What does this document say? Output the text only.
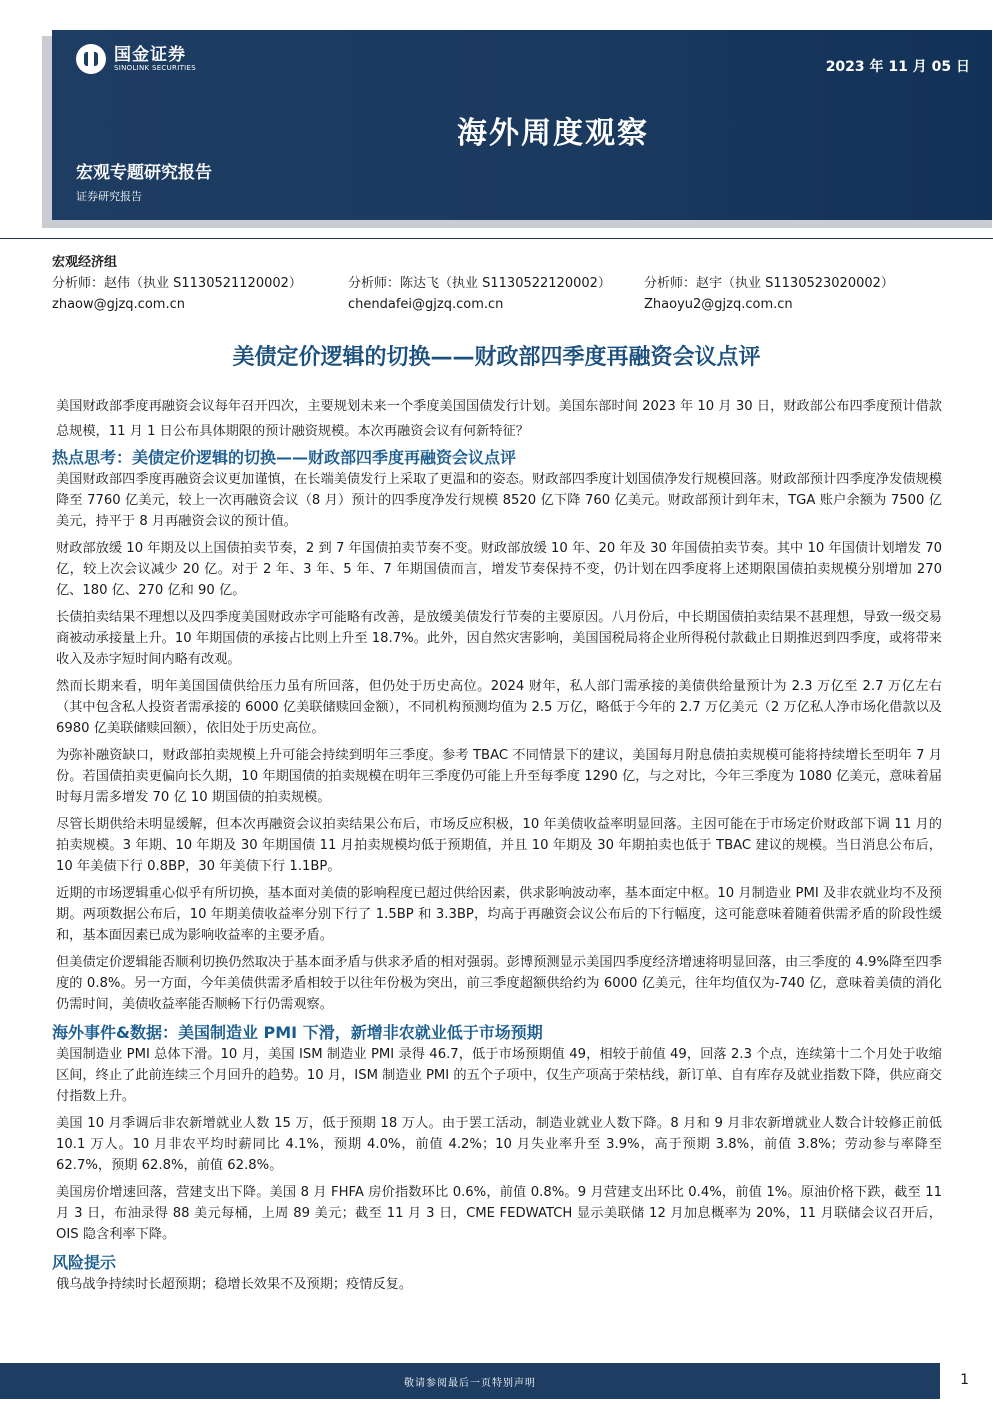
国金证券
SINOLINK SECURITIES	2023 年 11 月 05 日
海外周度观察
宏观专题研究报告
证券研究报告
宏观经济组
分析师：赵伟（执业 S1130521120002）	分析师：陈达飞（执业 S1130522120002）	分析师：赵宇（执业 S1130523020002）
zhaow@gjzq.com.cn	chendafei@gjzq.com.cn	Zhaoyu2@gjzq.com.cn
美债定价逻辑的切换——财政部四季度再融资会议点评

美国财政部季度再融资会议每年召开四次，主要规划未来一个季度美国国债发行计划。美国东部时间 2023 年 10 月 30 日，财政部公布四季度预计借款总规模，11 月 1 日公布具体期限的预计融资规模。本次再融资会议有何新特征？

热点思考：美债定价逻辑的切换——财政部四季度再融资会议点评

美国财政部四季度再融资会议更加谨慎，在长端美债发行上采取了更温和的姿态。财政部四季度计划国债净发行规模回落。财政部预计四季度净发债规模降至 7760 亿美元，较上一次再融资会议（8 月）预计的四季度净发行规模 8520 亿下降 760 亿美元。财政部预计到年末，TGA 账户余额为 7500 亿美元，持平于 8 月再融资会议的预计值。

财政部放缓 10 年期及以上国债拍卖节奏，2 到 7 年国债拍卖节奏不变。财政部放缓 10 年、20 年及 30 年国债拍卖节奏。其中 10 年国债计划增发 70 亿，较上次会议减少 20 亿。对于 2 年、3 年、5 年、7 年期国债而言，增发节奏保持不变，仍计划在四季度将上述期限国债拍卖规模分别增加 270 亿、180 亿、270 亿和 90 亿。

长债拍卖结果不理想以及四季度美国财政赤字可能略有改善，是放缓美债发行节奏的主要原因。八月份后，中长期国债拍卖结果不甚理想，导致一级交易商被动承接量上升。10 年期国债的承接占比则上升至 18.7%。此外，因自然灾害影响，美国国税局将企业所得税付款截止日期推迟到四季度，或将带来收入及赤字短时间内略有改观。

然而长期来看，明年美国国债供给压力虽有所回落，但仍处于历史高位。2024 财年，私人部门需承接的美债供给量预计为 2.3 万亿至 2.7 万亿左右（其中包含私人投资者需承接的 6000 亿美联储赎回金额），不同机构预测均值为 2.5 万亿，略低于今年的 2.7 万亿美元（2 万亿私人净市场化借款以及 6980 亿美联储赎回额），依旧处于历史高位。

为弥补融资缺口，财政部拍卖规模上升可能会持续到明年三季度。参考 TBAC 不同情景下的建议，美国每月附息债拍卖规模可能将持续增长至明年 7 月份。若国债拍卖更偏向长久期，10 年期国债的拍卖规模在明年三季度仍可能上升至每季度 1290 亿，与之对比，今年三季度为 1080 亿美元，意味着届时每月需多增发 70 亿 10 期国债的拍卖规模。

尽管长期供给未明显缓解，但本次再融资会议拍卖结果公布后，市场反应积极，10 年美债收益率明显回落。主因可能在于市场定价财政部下调 11 月的拍卖规模。3 年期、10 年期及 30 年期国债 11 月拍卖规模均低于预期值，并且 10 年期及 30 年期拍卖也低于 TBAC 建议的规模。当日消息公布后，10 年美债下行 0.8BP，30 年美债下行 1.1BP。

近期的市场逻辑重心似乎有所切换，基本面对美债的影响程度已超过供给因素，供求影响波动率，基本面定中枢。10 月制造业 PMI 及非农就业均不及预期。两项数据公布后，10 年期美债收益率分别下行了 1.5BP 和 3.3BP，均高于再融资会议公布后的下行幅度，这可能意味着随着供需矛盾的阶段性缓和，基本面因素已成为影响收益率的主要矛盾。

但美债定价逻辑能否顺利切换仍然取决于基本面矛盾与供求矛盾的相对强弱。彭博预测显示美国四季度经济增速将明显回落，由三季度的 4.9%降至四季度的 0.8%。另一方面，今年美债供需矛盾相较于以往年份极为突出，前三季度超额供给约为 6000 亿美元，往年均值仅为-740 亿，意味着美债的消化仍需时间，美债收益率能否顺畅下行仍需观察。

海外事件&数据：美国制造业 PMI 下滑，新增非农就业低于市场预期

美国制造业 PMI 总体下滑。10 月，美国 ISM 制造业 PMI 录得 46.7，低于市场预期值 49，相较于前值 49，回落 2.3 个点，连续第十二个月处于收缩区间，终止了此前连续三个月回升的趋势。10 月，ISM 制造业 PMI 的五个子项中，仅生产项高于荣枯线，新订单、自有库存及就业指数下降，供应商交付指数上升。

美国 10 月季调后非农新增就业人数 15 万，低于预期 18 万人。由于罢工活动，制造业就业人数下降。8 月和 9 月非农新增就业人数合计较修正前低 10.1 万人。10 月非农平均时薪同比 4.1%，预期 4.0%，前值 4.2%；10 月失业率升至 3.9%，高于预期 3.8%，前值 3.8%；劳动参与率降至 62.7%，预期 62.8%，前值 62.8%。

美国房价增速回落，营建支出下降。美国 8 月 FHFA 房价指数环比 0.6%，前值 0.8%。9 月营建支出环比 0.4%，前值 1%。原油价格下跌，截至 11 月 3 日，布油录得 88 美元每桶，上周 89 美元；截至 11 月 3 日，CME FEDWATCH 显示美联储 12 月加息概率为 20%，11 月联储会议召开后，OIS 隐含利率下降。

风险提示

俄乌战争持续时长超预期；稳增长效果不及预期；疫情反复。

敬请参阅最后一页特别声明	1
